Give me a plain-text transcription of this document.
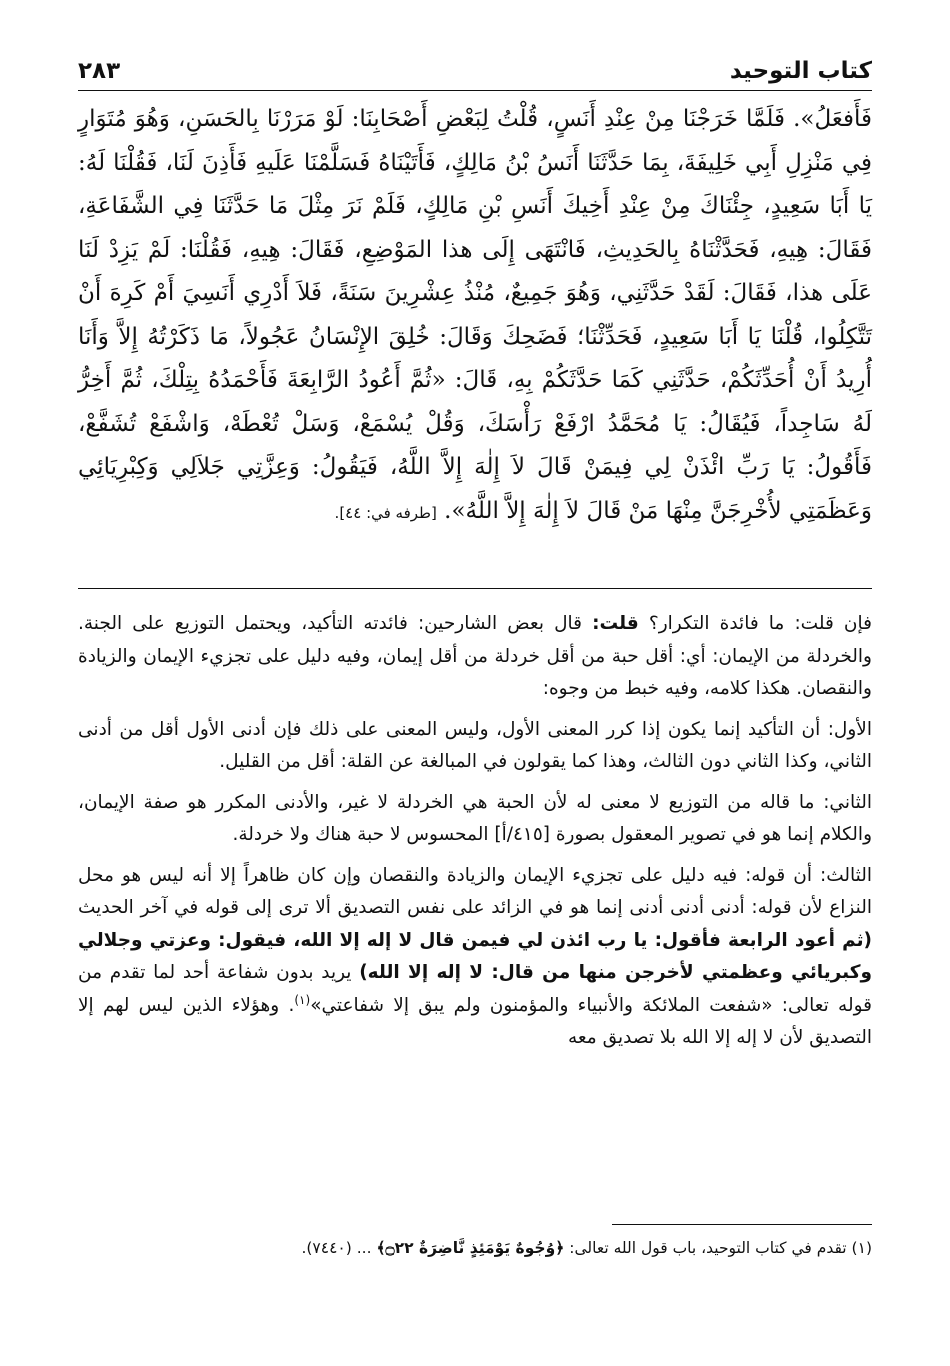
كتاب التوحيد
٢٨٣

فَأَفعَلُ». فَلَمَّا خَرَجْنَا مِنْ عِنْدِ أَنَسٍ، قُلْتُ لِبَعْضِ أَصْحَابِنَا: لَوْ مَرَرْنَا بِالحَسَنِ، وَهُوَ مُتَوَارٍ فِي مَنْزِلِ أَبِي خَلِيفَةَ، بِمَا حَدَّثَنَا أَنَسُ بْنُ مَالِكٍ، فَأَتَيْنَاهُ فَسَلَّمْنَا عَلَيهِ فَأَذِنَ لَنَا، فَقُلْنَا لَهُ: يَا أَبَا سَعِيدٍ، جِئْنَاكَ مِنْ عِنْدِ أَخِيكَ أَنَسِ بْنِ مَالِكٍ، فَلَمْ نَرَ مِثْلَ مَا حَدَّثَنَا فِي الشَّفَاعَةِ، فَقَالَ: هِيهِ، فَحَدَّثْنَاهُ بِالحَدِيثِ، فَانْتَهَى إِلَى هذا المَوْضِعِ، فَقَالَ: هِيهِ، فَقُلْنَا: لَمْ يَزِدْ لَنَا عَلَى هذا، فَقَالَ: لَقَدْ حَدَّثَنِي، وَهُوَ جَمِيعٌ، مُنْذُ عِشْرِينَ سَنَةً، فَلاَ أَدْرِي أَنَسِيَ أَمْ كَرِهَ أَنْ تَتَّكِلُوا، قُلْنَا يَا أَبَا سَعِيدٍ، فَحَدِّثْنَا؛ فَضَحِكَ وَقَالَ: خُلِقَ الإِنْسَانُ عَجُولاً، مَا ذَكَرْتُهُ إِلاَّ وَأَنَا أُرِيدُ أَنْ أُحَدِّثَكُمْ، حَدَّثَنِي كَمَا حَدَّثَكُمْ بِهِ، قَالَ: «ثُمَّ أَعُودُ الرَّابِعَةَ فَأَحْمَدُهُ بِتِلْكَ، ثُمَّ أَخِرُّ لَهُ سَاجِداً، فَيُقَالُ: يَا مُحَمَّدُ ارْفَعْ رَأْسَكَ، وَقُلْ يُسْمَعْ، وَسَلْ تُعْطَهْ، وَاشْفَعْ تُشَفَّعْ، فَأَقُولُ: يَا رَبِّ ائْذَنْ لِي فِيمَنْ قَالَ لاَ إِلٰهَ إِلاَّ اللَّهُ، فَيَقُولُ: وَعِزَّتِي جَلاَلِي وَكِبْرِيَائِي وَعَظَمَتِي لأُخْرِجَنَّ مِنْهَا مَنْ قَالَ لاَ إِلٰهَ إِلاَّ اللَّهُ». [طرفه في: ٤٤].

فإن قلت: ما فائدة التكرار؟ قلت: قال بعض الشارحين: فائدته التأكيد، ويحتمل التوزيع على الجنة. والخردلة من الإيمان: أي: أقل حبة من أقل خردلة من أقل إيمان، وفيه دليل على تجزيء الإيمان والزيادة والنقصان. هكذا كلامه، وفيه خبط من وجوه:

الأول: أن التأكيد إنما يكون إذا كرر المعنى الأول، وليس المعنى على ذلك فإن أدنى الأول أقل من أدنى الثاني، وكذا الثاني دون الثالث، وهذا كما يقولون في المبالغة عن القلة: أقل من القليل.

الثاني: ما قاله من التوزيع لا معنى له لأن الحبة هي الخردلة لا غير، والأدنى المكرر هو صفة الإيمان، والكلام إنما هو في تصوير المعقول بصورة [٤١٥/أ] المحسوس لا حبة هناك ولا خردلة.

الثالث: أن قوله: فيه دليل على تجزيء الإيمان والزيادة والنقصان وإن كان ظاهراً إلا أنه ليس هو محل النزاع لأن قوله: أدنى أدنى أدنى إنما هو في الزائد على نفس التصديق ألا ترى إلى قوله في آخر الحديث (ثم أعود الرابعة فأقول: يا رب ائذن لي فيمن قال لا إله إلا الله، فيقول: وعزتي وجلالي وكبريائي وعظمتي لأخرجن منها من قال: لا إله إلا الله) يريد بدون شفاعة أحد لما تقدم من قوله تعالى: «شفعت الملائكة والأنبياء والمؤمنون ولم يبق إلا شفاعتي»$^{(١)}$. وهؤلاء الذين ليس لهم إلا التصديق لأن لا إله إلا الله بلا تصديق معه

(١) تقدم في كتاب التوحيد، باب قول الله تعالى: ﴿وُجُوهٌ يَوْمَئِذٍ نَّاضِرَةٌ ۝٢٢﴾ ... (٧٤٤٠).
